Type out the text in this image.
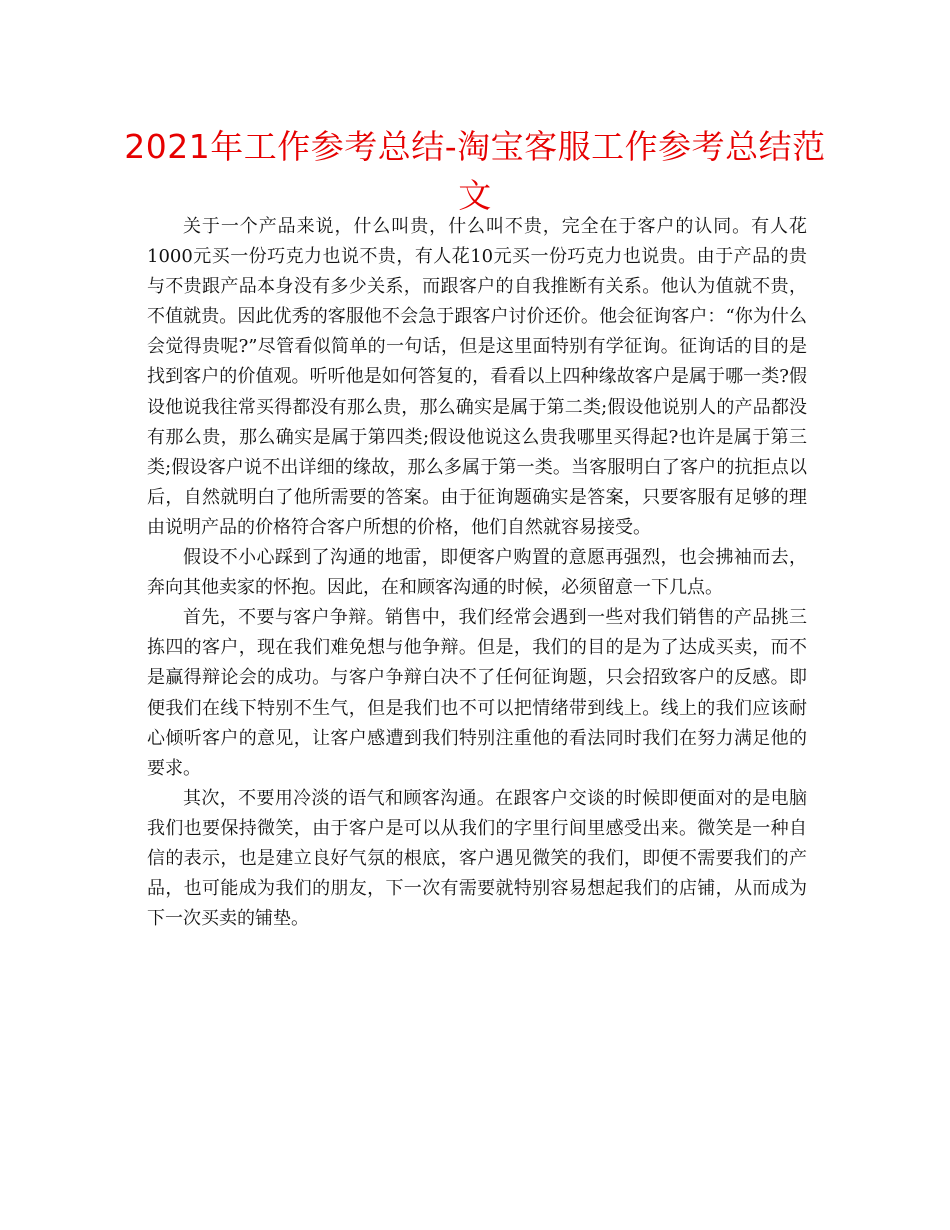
2021年工作参考总结-淘宝客服工作参考总结范文

关于一个产品来说，什么叫贵，什么叫不贵，完全在于客户的认同。有人花1000元买一份巧克力也说不贵，有人花10元买一份巧克力也说贵。由于产品的贵与不贵跟产品本身没有多少关系，而跟客户的自我推断有关系。他认为值就不贵，不值就贵。因此优秀的客服他不会急于跟客户讨价还价。他会征询客户：“你为什么会觉得贵呢?”尽管看似简单的一句话，但是这里面特别有学征询。征询话的目的是找到客户的价值观。听听他是如何答复的，看看以上四种缘故客户是属于哪一类?假设他说我往常买得都没有那么贵，那么确实是属于第二类;假设他说别人的产品都没有那么贵，那么确实是属于第四类;假设他说这么贵我哪里买得起?也许是属于第三类;假设客户说不出详细的缘故，那么多属于第一类。当客服明白了客户的抗拒点以后，自然就明白了他所需要的答案。由于征询题确实是答案，只要客服有足够的理由说明产品的价格符合客户所想的价格，他们自然就容易接受。

假设不小心踩到了沟通的地雷，即便客户购置的意愿再强烈，也会拂袖而去，奔向其他卖家的怀抱。因此，在和顾客沟通的时候，必须留意一下几点。

首先，不要与客户争辩。销售中，我们经常会遇到一些对我们销售的产品挑三拣四的客户，现在我们难免想与他争辩。但是，我们的目的是为了达成买卖，而不是赢得辩论会的成功。与客户争辩白决不了任何征询题，只会招致客户的反感。即便我们在线下特别不生气，但是我们也不可以把情绪带到线上。线上的我们应该耐心倾听客户的意见，让客户感遭到我们特别注重他的看法同时我们在努力满足他的要求。

其次，不要用冷淡的语气和顾客沟通。在跟客户交谈的时候即便面对的是电脑我们也要保持微笑，由于客户是可以从我们的字里行间里感受出来。微笑是一种自信的表示，也是建立良好气氛的根底，客户遇见微笑的我们，即便不需要我们的产品，也可能成为我们的朋友，下一次有需要就特别容易想起我们的店铺，从而成为下一次买卖的铺垫。
